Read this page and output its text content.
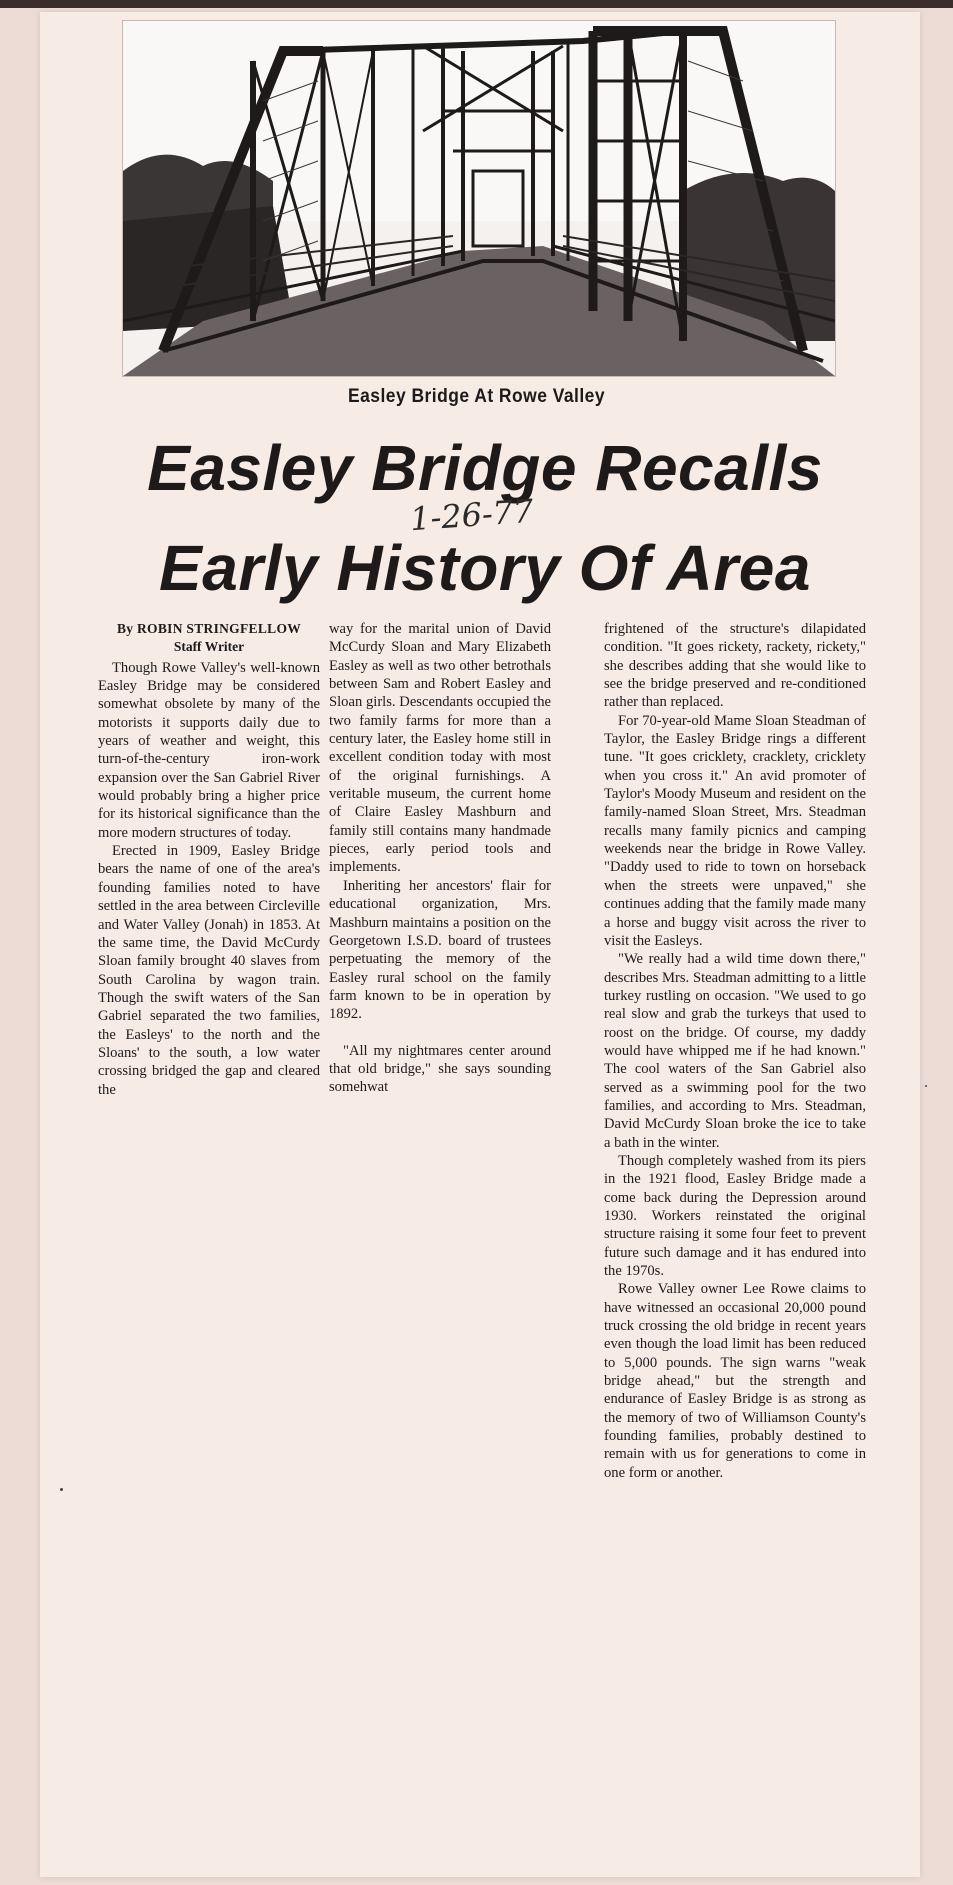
Easley Bridge At Rowe Valley
Easley Bridge Recalls
Early History Of Area
1-26-77
By ROBIN STRINGFELLOW
Staff Writer

Though Rowe Valley's well-known Easley Bridge may be considered somewhat obsolete by many of the motorists it supports daily due to years of weather and weight, this turn-of-the-century iron-work expansion over the San Gabriel River would probably bring a higher price for its historical significance than the more modern structures of today.

Erected in 1909, Easley Bridge bears the name of one of the area's founding families noted to have settled in the area between Circleville and Water Valley (Jonah) in 1853. At the same time, the David McCurdy Sloan family brought 40 slaves from South Carolina by wagon train. Though the swift waters of the San Gabriel separated the two families, the Easleys' to the north and the Sloans' to the south, a low water crossing bridged the gap and cleared the

way for the marital union of David McCurdy Sloan and Mary Elizabeth Easley as well as two other betrothals between Sam and Robert Easley and Sloan girls. Descendants occupied the two family farms for more than a century later, the Easley home still in excellent condition today with most of the original furnishings. A veritable museum, the current home of Claire Easley Mashburn and family still contains many handmade pieces, early period tools and implements.

Inheriting her ancestors' flair for educational organization, Mrs. Mashburn maintains a position on the Georgetown I.S.D. board of trustees perpetuating the memory of the Easley rural school on the family farm known to be in operation by 1892.

"All my nightmares center around that old bridge," she says sounding somehwat

frightened of the structure's dilapidated condition. "It goes rickety, rackety, rickety," she describes adding that she would like to see the bridge preserved and re-conditioned rather than replaced.

For 70-year-old Mame Sloan Steadman of Taylor, the Easley Bridge rings a different tune. "It goes cricklety, cracklety, cricklety when you cross it." An avid promoter of Taylor's Moody Museum and resident on the family-named Sloan Street, Mrs. Steadman recalls many family picnics and camping weekends near the bridge in Rowe Valley. "Daddy used to ride to town on horseback when the streets were unpaved," she continues adding that the family made many a horse and buggy visit across the river to visit the Easleys.

"We really had a wild time down there," describes Mrs. Steadman admitting to a little turkey rustling on occasion. "We used to go real slow and grab the turkeys that used to roost on the bridge. Of course, my daddy would have whipped me if he had known." The cool waters of the San Gabriel also served as a swimming pool for the two families, and according to Mrs. Steadman, David McCurdy Sloan broke the ice to take a bath in the winter.

Though completely washed from its piers in the 1921 flood, Easley Bridge made a come back during the Depression around 1930. Workers reinstated the original structure raising it some four feet to prevent future such damage and it has endured into the 1970s.

Rowe Valley owner Lee Rowe claims to have witnessed an occasional 20,000 pound truck crossing the old bridge in recent years even though the load limit has been reduced to 5,000 pounds. The sign warns "weak bridge ahead," but the strength and endurance of Easley Bridge is as strong as the memory of two of Williamson County's founding families, probably destined to remain with us for generations to come in one form or another.
